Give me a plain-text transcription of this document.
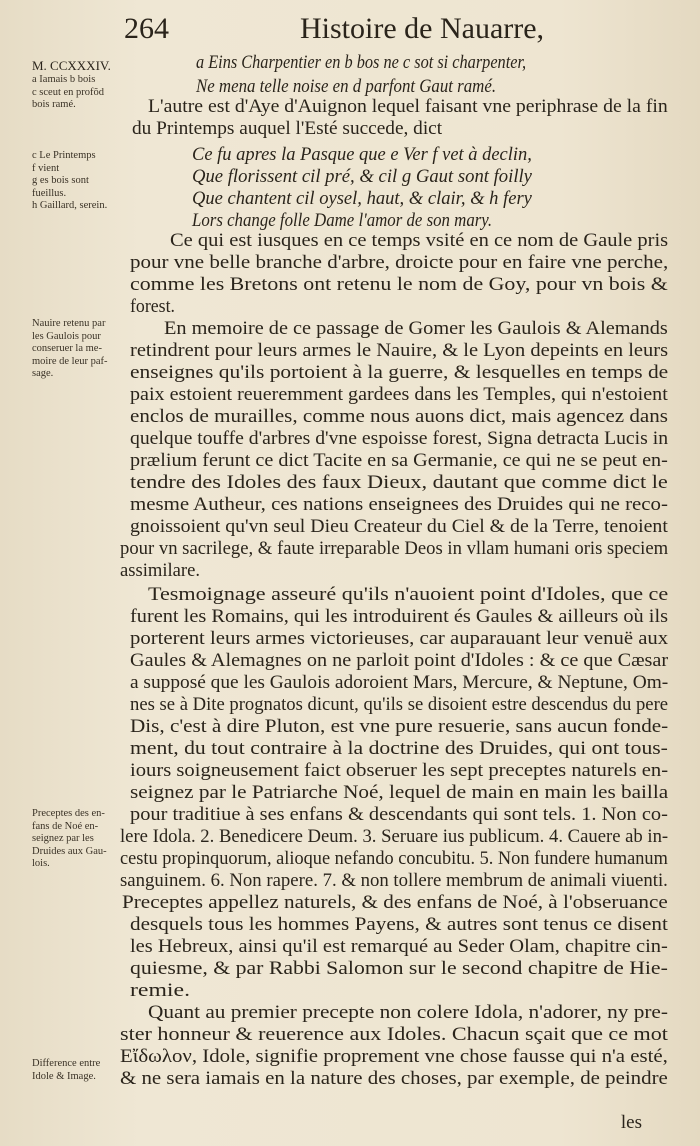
264	Histoire de Nauarre,
M. CCXXXIV.
a Iamais b bois
c sceut en profõd
bois ramé.
c Le Printemps
f vient
g es bois sont
fueillus.
h Gaillard, serein.
Nauire retenu par
les Gaulois pour
conseruer la me-
moire de leur paf-
sage.
Preceptes des en-
fans de Noé en-
seignez par les
Druides aux Gau-
lois.
Difference entre
Idole & Image.
a Eins Charpentier en b bos ne c sot si charpenter,
Ne mena telle noise en d parfont Gaut ramé.
L'autre est d'Aye d'Auignon lequel faisant vne periphrase de la fin
du Printemps auquel l'Esté succede, dict
Ce fu apres la Pasque que e Ver f vet à declin,
Que florissent cil pré, & cil g Gaut sont foilly
Que chantent cil oysel, haut, & clair, & h fery
Lors change folle Dame l'amor de son mary.
Ce qui est iusques en ce temps vsité en ce nom de Gaule pris
pour vne belle branche d'arbre, droicte pour en faire vne perche,
comme les Bretons ont retenu le nom de Goy, pour vn bois &
forest.
En memoire de ce passage de Gomer les Gaulois & Alemands
retindrent pour leurs armes le Nauire, & le Lyon depeints en leurs
enseignes qu'ils portoient à la guerre, & lesquelles en temps de
paix estoient reueremment gardees dans les Temples, qui n'estoient
enclos de murailles, comme nous auons dict, mais agencez dans
quelque touffe d'arbres d'vne espoisse forest, Signa detracta Lucis in
prælium ferunt ce dict Tacite en sa Germanie, ce qui ne se peut en-
tendre des Idoles des faux Dieux, dautant que comme dict le
mesme Autheur, ces nations enseignees des Druides qui ne reco-
gnoissoient qu'vn seul Dieu Createur du Ciel & de la Terre, tenoient
pour vn sacrilege, & faute irreparable Deos in vllam humani oris speciem
assimilare.
Tesmoignage asseuré qu'ils n'auoient point d'Idoles, que ce
furent les Romains, qui les introduirent és Gaules & ailleurs où ils
porterent leurs armes victorieuses, car auparauant leur venuë aux
Gaules & Alemagnes on ne parloit point d'Idoles : & ce que Cæsar
a supposé que les Gaulois adoroient Mars, Mercure, & Neptune, Om-
nes se à Dite prognatos dicunt, qu'ils se disoient estre descendus du pere
Dis, c'est à dire Pluton, est vne pure resuerie, sans aucun fonde-
ment, du tout contraire à la doctrine des Druides, qui ont tous-
iours soigneusement faict obseruer les sept preceptes naturels en-
seignez par le Patriarche Noé, lequel de main en main les bailla
pour traditiue à ses enfans & descendants qui sont tels. 1. Non co-
lere Idola. 2. Benedicere Deum. 3. Seruare ius publicum. 4. Cauere ab in-
cestu propinquorum, alioque nefando concubitu. 5. Non fundere humanum
sanguinem. 6. Non rapere. 7. & non tollere membrum de animali viuenti.
Preceptes appellez naturels, & des enfans de Noé, à l'obseruance
desquels tous les hommes Payens, & autres sont tenus ce disent
les Hebreux, ainsi qu'il est remarqué au Seder Olam, chapitre cin-
quiesme, & par Rabbi Salomon sur le second chapitre de Hie-
remie.
Quant au premier precepte non colere Idola, n'adorer, ny pre-
ster honneur & reuerence aux Idoles. Chacun sçait que ce mot
Εἴδωλον, Idole, signifie proprement vne chose fausse qui n'a esté,
& ne sera iamais en la nature des choses, par exemple, de peindre
les
